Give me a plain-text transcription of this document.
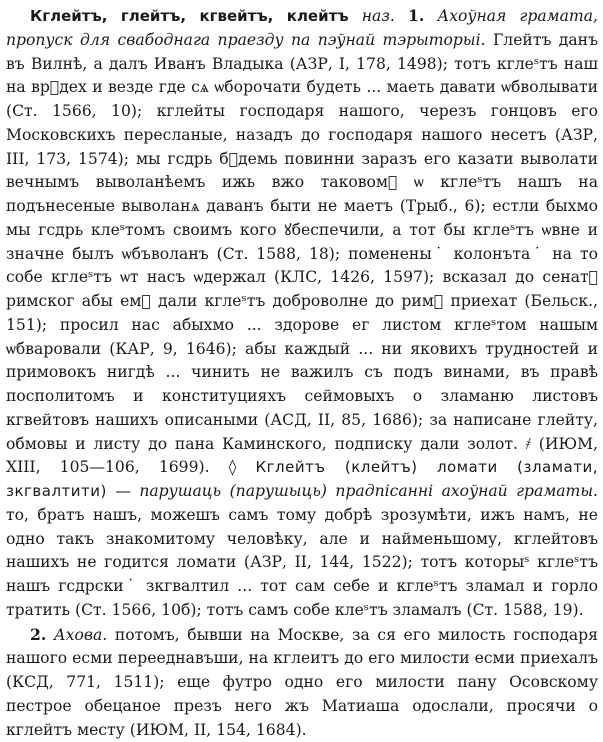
Кглейтъ, глейтъ, кгвейтъ, клейтъ наз. 1. Ахоўная грамата, пропуск для свабоднага праезду па пэўнай тэрыторыі. Глейтъ данъ въ Вилнѣ, а далъ Иванъ Владыка (АЗР, I, 178, 1498); тотъ кглеˢтъ наш на вр꙽дех и везде где сѧ ѡборочати будеть ... маеть давати ѡбволывати (Ст. 1566, 10); кглейты господаря нашого, черезъ гонцовъ его Московскихъ пересланые, назадъ до господаря нашого несетъ (АЗР, III, 173, 1574); мы гсдрь б꙽демь повинни заразъ его казати выволати вечнымъ выволанѣемъ ижь вжо таковом꙽ ѡ кглеˢтъ нашъ на подънесеные выволанѧ даванъ быти не маетъ (Трыб., 6); естли быхмо мы гсдрь клеˢтомъ своимъ кого ꙋбеспечили, а тот бы кглеˢтъ ѡвне и значне былъ ѡбъволанъ (Ст. 1588, 18); поменены˙ колонъта˙ на то собе кглеˢтъ ѡт насъ ѡдержал (КЛС, 1426, 1597); всказал до сенат꙽ римског абы ем꙽ дали кглеˢтъ доброволне до рим꙽ приехат (Бельск., 151); просил нас абыхмо ... здорове ег листом кглеˢтом нашым ѡбваровали (КАР, 9, 1646); абы каждый ... ни яковихъ трудностей и примовокъ нигдѣ ... чинить не важилъ съ подъ винами, въ правѣ посполитомъ и конституцияхъ сеймовыхъ о зламаню листовъ кгвейтовъ нашихъ описаными (АСД, II, 85, 1686); за написане глейту, обмовы и листу до пана Каминского, подписку дали золот. ҂ (ИЮМ, XIII, 105—106, 1699). ◊ Кглейтъ (клейтъ) ломати (зламати, зкгвалтити) — парушаць (парушыць) прадпісанні ахоўнай граматы. то, братъ нашъ, можешъ самъ тому добрѣ зрозумѣти, ижъ намъ, не одно такъ знакомитому человѣку, але и найменьшому, кглейтовъ нашихъ не годится ломати (АЗР, II, 144, 1522); тотъ которыˢ кглеˢтъ нашъ гсдрски˙ зкгвалтил ... тот сам себе и кглеˢтъ зламал и горло тратить (Ст. 1566, 10б); тотъ самъ собе клеˢтъ зламалъ (Ст. 1588, 19).

2. Ахова. потомъ, бывши на Москве, за ся его милость господаря нашого есми перееднавъши, на кглеитъ до его милости есми приехалъ (КСД, 771, 1511); еще футро одно его милости пану Осовскому пестрое обецаное презъ него жъ Матиаша одослали, просячи о кглейтъ месту (ИЮМ, II, 154, 1684).
